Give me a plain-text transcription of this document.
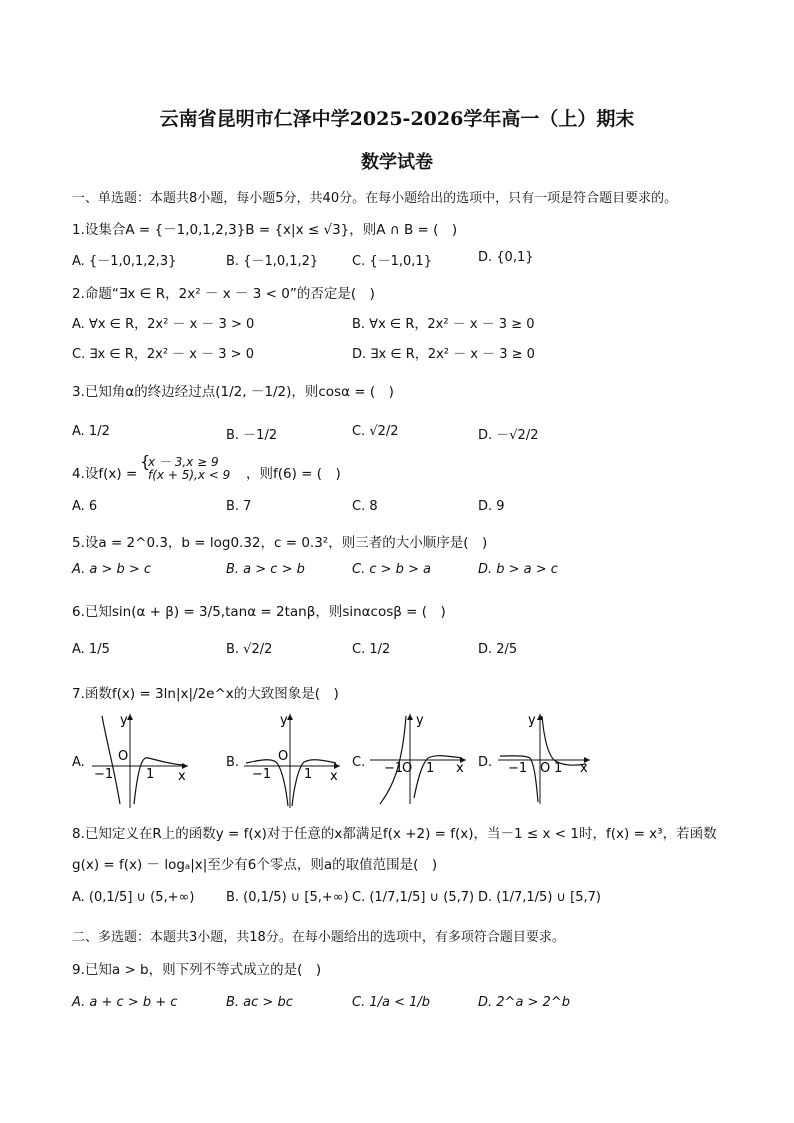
云南省昆明市仁泽中学2025-2026学年高一（上）期末
数学试卷
一、单选题：本题共8小题，每小题5分，共40分。在每小题给出的选项中，只有一项是符合题目要求的。
1.设集合A = {－1,0,1,2,3}B = {x|x ≤ √3}，则A ∩ B = (　)
A. {－1,0,1,2,3}	B. {－1,0,1,2}	C. {－1,0,1}	D. {0,1}
2.命题“∃x ∈ R，2x² － x － 3 < 0”的否定是(　)
A. ∀x ∈ R，2x² － x － 3 > 0	B. ∀x ∈ R，2x² － x － 3 ≥ 0
C. ∃x ∈ R，2x² － x － 3 > 0	D. ∃x ∈ R，2x² － x － 3 ≥ 0
3.已知角α的终边经过点(1/2, －1/2)，则cosα = (　)
A. 1/2	B. －1/2	C. √2/2	D. －√2/2
4.设f(x) =
{
x － 3,x ≥ 9
f(x + 5),x < 9 ，则f(6) = (　)
A. 6	B. 7	C. 8	D. 9
5.设a = 2^0.3，b = log0.32，c = 0.3²，则三者的大小顺序是(　)
A. a > b > c	B. a > c > b	C. c > b > a	D. b > a > c
6.已知sin(α + β) = 3/5,tanα = 2tanβ，则sinαcosβ = (　)
A. 1/5	B. √2/2	C. 1/2	D. 2/5
7.函数f(x) = 3ln|x|/2e^x的大致图象是(　)
A.	B.	C.	D.
y
x
O
−1	1
y
x
O
−1	1
y
x
O
−1 1
y
x
O
−1 1
8.已知定义在R上的函数y = f(x)对于任意的x都满足f(x +2) = f(x)，当－1 ≤ x < 1时，f(x) = x³，若函数
g(x) = f(x) － logₐ|x|至少有6个零点，则a的取值范围是(　)
A. (0,1/5] ∪ (5,+∞) B. (0,1/5) ∪ [5,+∞) C. (1/7,1/5] ∪ (5,7) D. (1/7,1/5) ∪ [5,7)
二、多选题：本题共3小题，共18分。在每小题给出的选项中，有多项符合题目要求。
9.已知a > b，则下列不等式成立的是(　)
A. a + c > b + c	B. ac > bc	C. 1/a < 1/b	D. 2^a > 2^b
